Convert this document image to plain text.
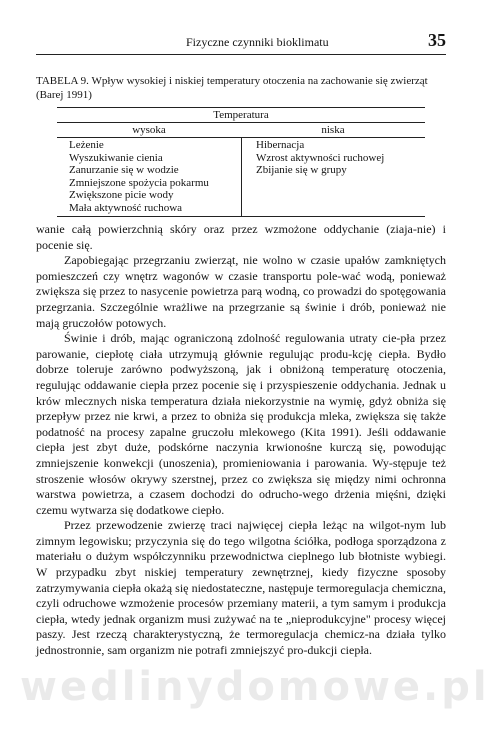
Fizyczne czynniki bioklimatu	35
TABELA 9. Wpływ wysokiej i niskiej temperatury otoczenia na zachowanie się zwierząt (Barej 1991)
Temperatura
wysoka	niska
Leżenie
Wyszukiwanie cienia
Zanurzanie się w wodzie
Zmniejszone spożycia pokarmu
Zwiększone picie wody
Mała aktywność ruchowa
Hibernacja
Wzrost aktywności ruchowej
Zbijanie się w grupy

wanie całą powierzchnią skóry oraz przez wzmożone oddychanie (ziaja-nie) i pocenie się.

Zapobiegając przegrzaniu zwierząt, nie wolno w czasie upałów zamkniętych pomieszczeń czy wnętrz wagonów w czasie transportu pole-wać wodą, ponieważ zwiększa się przez to nasycenie powietrza parą wodną, co prowadzi do spotęgowania przegrzania. Szczególnie wrażliwe na przegrzanie są świnie i drób, ponieważ nie mają gruczołów potowych.

Świnie i drób, mając ograniczoną zdolność regulowania utraty cie-pła przez parowanie, ciepłotę ciała utrzymują głównie regulując produ-kcję ciepła. Bydło dobrze toleruje zarówno podwyższoną, jak i obniżoną temperaturę otoczenia, regulując oddawanie ciepła przez pocenie się i przyspieszenie oddychania. Jednak u krów mlecznych niska temperatura działa niekorzystnie na wymię, gdyż obniża się przepływ przez nie krwi, a przez to obniża się produkcja mleka, zwiększa się także podatność na procesy zapalne gruczołu mlekowego (Kita 1991). Jeśli oddawanie ciepła jest zbyt duże, podskórne naczynia krwionośne kurczą się, powodując zmniejszenie konwekcji (unoszenia), promieniowania i parowania. Wy-stępuje też stroszenie włosów okrywy szerstnej, przez co zwiększa się między nimi ochronna warstwa powietrza, a czasem dochodzi do odrucho-wego drżenia mięśni, dzięki czemu wytwarza się dodatkowe ciepło.

Przez przewodzenie zwierzę traci najwięcej ciepła leżąc na wilgot-nym lub zimnym legowisku; przyczynia się do tego wilgotna ściółka, podłoga sporządzona z materiału o dużym współczynniku przewodnictwa cieplnego lub błotniste wybiegi. W przypadku zbyt niskiej temperatury zewnętrznej, kiedy fizyczne sposoby zatrzymywania ciepła okażą się niedostateczne, następuje termoregulacja chemiczna, czyli odruchowe wzmożenie procesów przemiany materii, a tym samym i produkcja ciepła, wtedy jednak organizm musi zużywać na te „nieprodukcyjne" procesy więcej paszy. Jest rzeczą charakterystyczną, że termoregulacja chemicz-na działa tylko jednostronnie, sam organizm nie potrafi zmniejszyć pro-dukcji ciepła.

wedlinydomowe.pl
